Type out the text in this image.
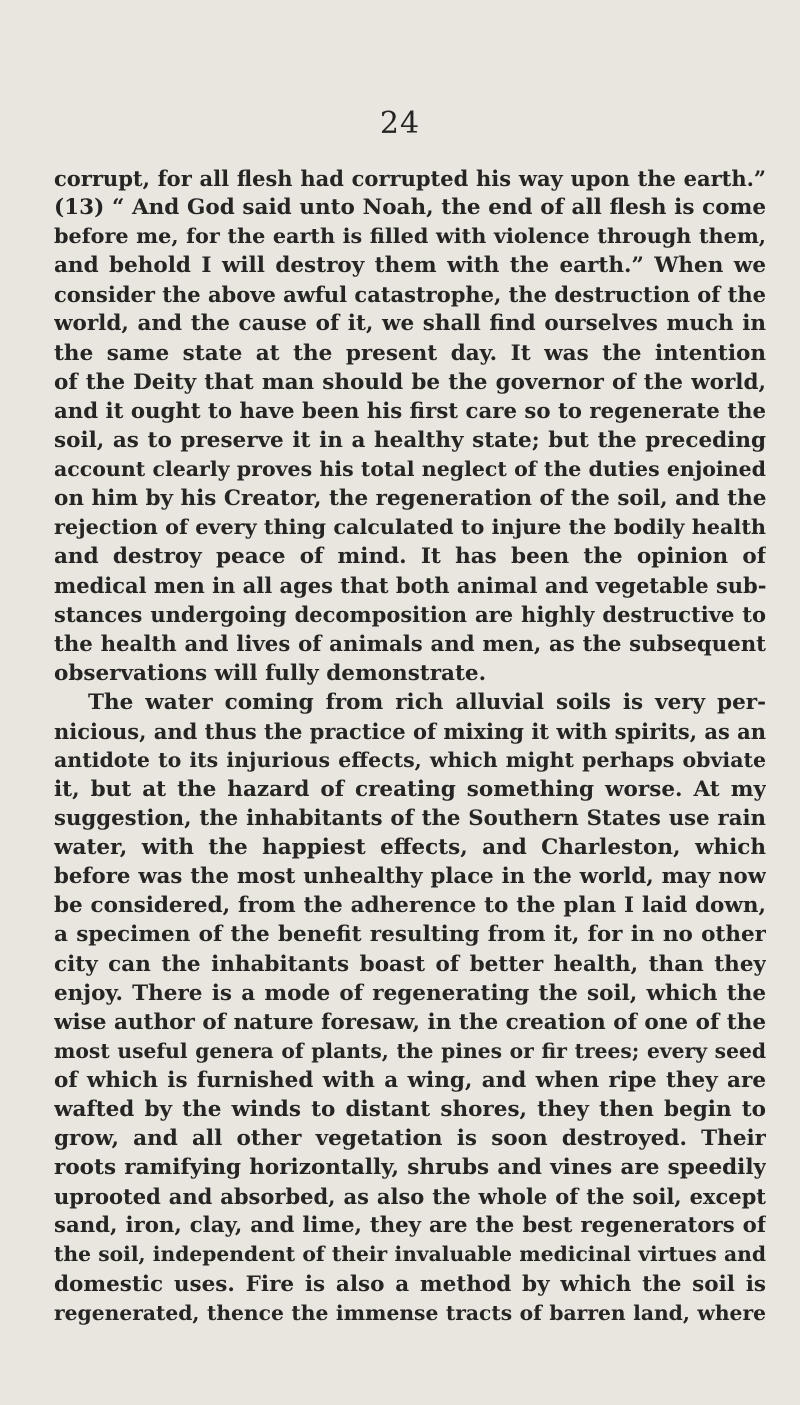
24
corrupt, for all flesh had corrupted his way upon the earth.”
(13) “ And God said unto Noah, the end of all flesh is come
before me, for the earth is filled with violence through them,
and behold I will destroy them with the earth.” When we
consider the above awful catastrophe, the destruction of the
world, and the cause of it, we shall find ourselves much in
the same state at the present day. It was the intention
of the Deity that man should be the governor of the world,
and it ought to have been his first care so to regenerate the
soil, as to preserve it in a healthy state; but the preceding
account clearly proves his total neglect of the duties enjoined
on him by his Creator, the regeneration of the soil, and the
rejection of every thing calculated to injure the bodily health
and destroy peace of mind. It has been the opinion of
medical men in all ages that both animal and vegetable sub-
stances undergoing decomposition are highly destructive to
the health and lives of animals and men, as the subsequent
observations will fully demonstrate.
The water coming from rich alluvial soils is very per-
nicious, and thus the practice of mixing it with spirits, as an
antidote to its injurious effects, which might perhaps obviate
it, but at the hazard of creating something worse. At my
suggestion, the inhabitants of the Southern States use rain
water, with the happiest effects, and Charleston, which
before was the most unhealthy place in the world, may now
be considered, from the adherence to the plan I laid down,
a specimen of the benefit resulting from it, for in no other
city can the inhabitants boast of better health, than they
enjoy. There is a mode of regenerating the soil, which the
wise author of nature foresaw, in the creation of one of the
most useful genera of plants, the pines or fir trees; every seed
of which is furnished with a wing, and when ripe they are
wafted by the winds to distant shores, they then begin to
grow, and all other vegetation is soon destroyed. Their
roots ramifying horizontally, shrubs and vines are speedily
uprooted and absorbed, as also the whole of the soil, except
sand, iron, clay, and lime, they are the best regenerators of
the soil, independent of their invaluable medicinal virtues and
domestic uses. Fire is also a method by which the soil is
regenerated, thence the immense tracts of barren land, where
